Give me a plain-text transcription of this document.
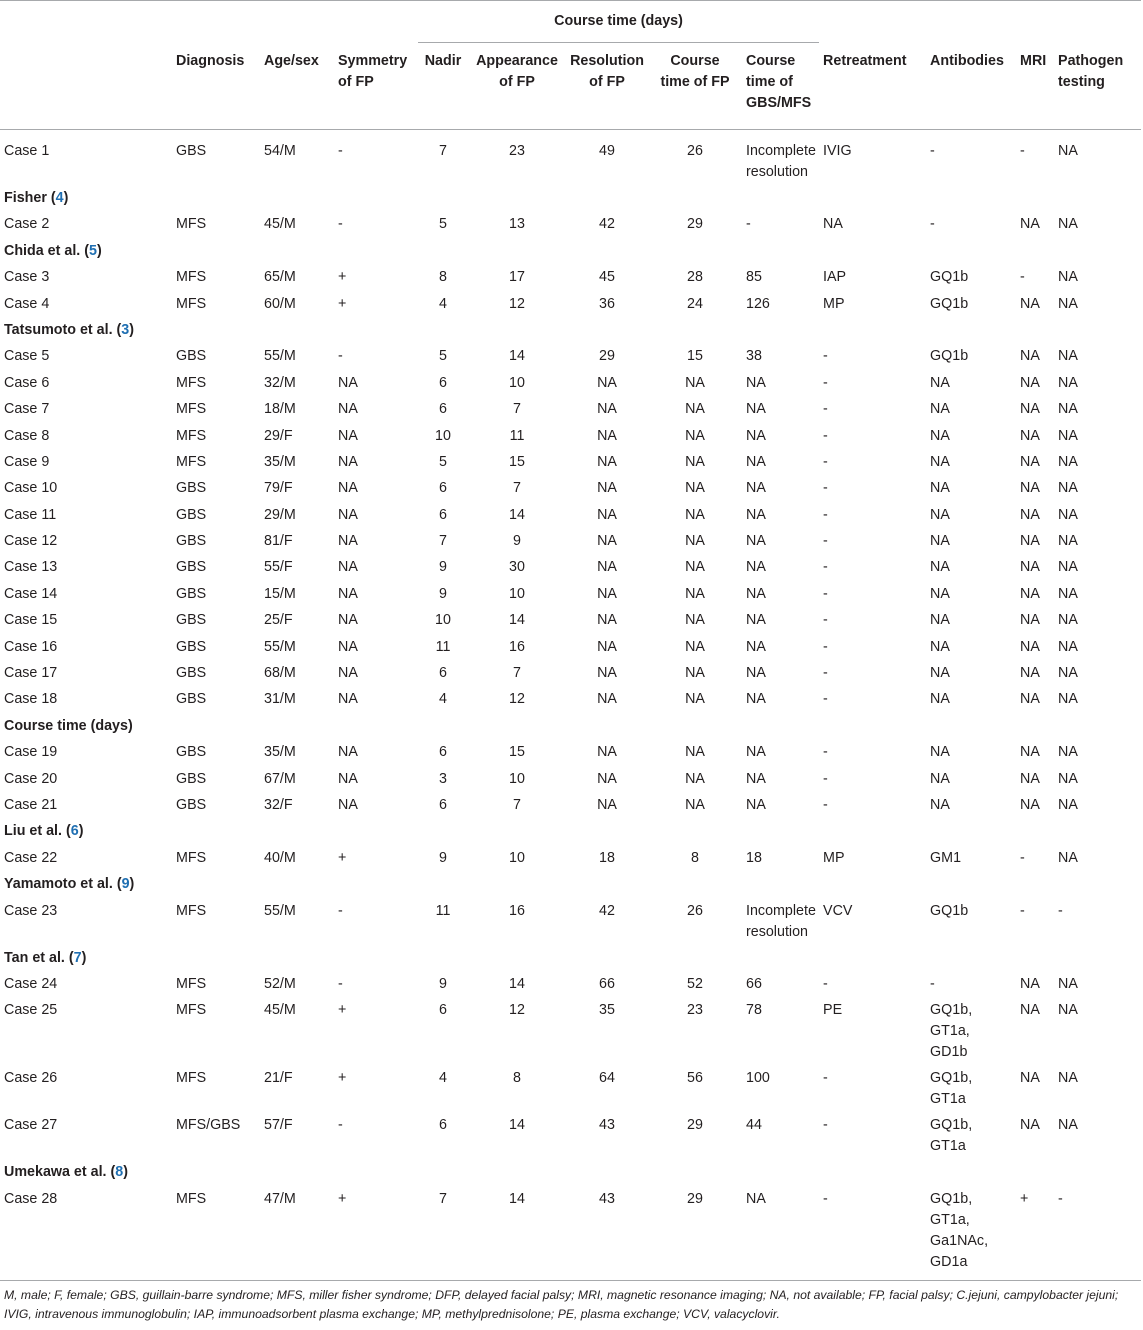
				Course time (days)								

	Diagnosis	Age/sex	Symmetry
of FP	Nadir	Appearance
of FP	Resolution
of FP	Course
time of FP	Course
time of
GBS/MFS	Retreatment	Antibodies	MRI	Pathogen
testing
Case 1	GBS	54/M	-	7	23	49	26	Incomplete
resolution	IVIG	-	-	NA
Fisher (4)												
Case 2	MFS	45/M	-	5	13	42	29	-	NA	-	NA	NA
Chida et al. (5)												
Case 3	MFS	65/M	+	8	17	45	28	85	IAP	GQ1b	-	NA
Case 4	MFS	60/M	+	4	12	36	24	126	MP	GQ1b	NA	NA
Tatsumoto et al. (3)												
Case 5	GBS	55/M	-	5	14	29	15	38	-	GQ1b	NA	NA
Case 6	MFS	32/M	NA	6	10	NA	NA	NA	-	NA	NA	NA
Case 7	MFS	18/M	NA	6	7	NA	NA	NA	-	NA	NA	NA
Case 8	MFS	29/F	NA	10	11	NA	NA	NA	-	NA	NA	NA
Case 9	MFS	35/M	NA	5	15	NA	NA	NA	-	NA	NA	NA
Case 10	GBS	79/F	NA	6	7	NA	NA	NA	-	NA	NA	NA
Case 11	GBS	29/M	NA	6	14	NA	NA	NA	-	NA	NA	NA
Case 12	GBS	81/F	NA	7	9	NA	NA	NA	-	NA	NA	NA
Case 13	GBS	55/F	NA	9	30	NA	NA	NA	-	NA	NA	NA
Case 14	GBS	15/M	NA	9	10	NA	NA	NA	-	NA	NA	NA
Case 15	GBS	25/F	NA	10	14	NA	NA	NA	-	NA	NA	NA
Case 16	GBS	55/M	NA	11	16	NA	NA	NA	-	NA	NA	NA
Case 17	GBS	68/M	NA	6	7	NA	NA	NA	-	NA	NA	NA
Case 18	GBS	31/M	NA	4	12	NA	NA	NA	-	NA	NA	NA
Course time (days)												
Case 19	GBS	35/M	NA	6	15	NA	NA	NA	-	NA	NA	NA
Case 20	GBS	67/M	NA	3	10	NA	NA	NA	-	NA	NA	NA
Case 21	GBS	32/F	NA	6	7	NA	NA	NA	-	NA	NA	NA
Liu et al. (6)												
Case 22	MFS	40/M	+	9	10	18	8	18	MP	GM1	-	NA
Yamamoto et al. (9)												
Case 23	MFS	55/M	-	11	16	42	26	Incomplete
resolution	VCV	GQ1b	-	-
Tan et al. (7)												
Case 24	MFS	52/M	-	9	14	66	52	66	-	-	NA	NA
Case 25	MFS	45/M	+	6	12	35	23	78	PE	GQ1b,
GT1a,
GD1b	NA	NA
Case 26	MFS	21/F	+	4	8	64	56	100	-	GQ1b,
GT1a	NA	NA
Case 27	MFS/GBS	57/F	-	6	14	43	29	44	-	GQ1b,
GT1a	NA	NA
Umekawa et al. (8)												
Case 28	MFS	47/M	+	7	14	43	29	NA	-	GQ1b,
GT1a,
Ga1NAc,
GD1a	+	-
M, male; F, female; GBS, guillain-barre syndrome; MFS, miller fisher syndrome; DFP, delayed facial palsy; MRI, magnetic resonance imaging; NA, not available; FP, facial palsy; C.jejuni, campylobacter jejuni; IVIG, intravenous immunoglobulin; IAP, immunoadsorbent plasma exchange; MP, methylprednisolone; PE, plasma exchange; VCV, valacyclovir.
